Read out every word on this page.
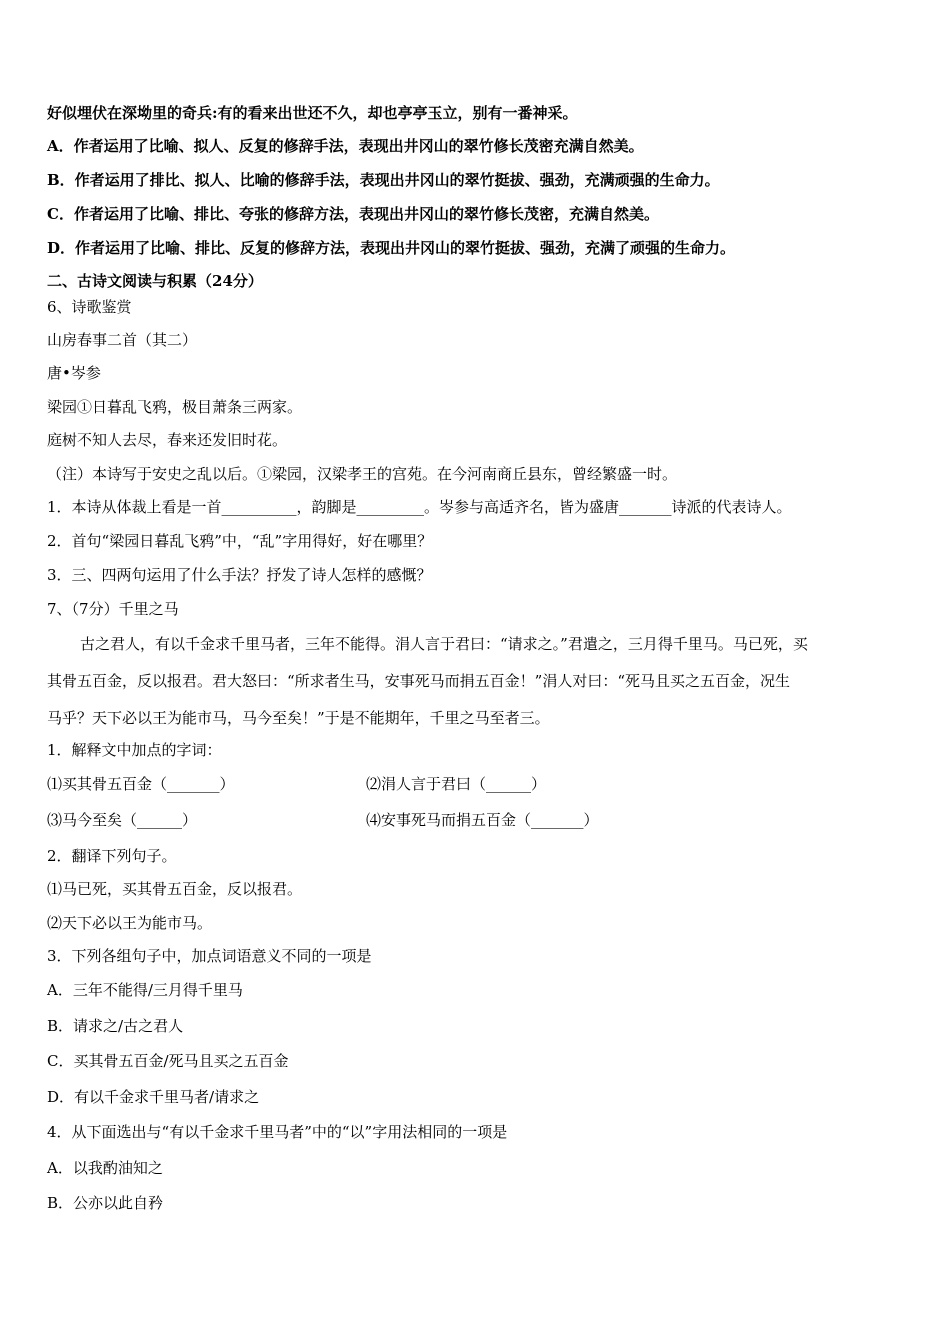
好似埋伏在深坳里的奇兵:有的看来出世还不久，却也亭亭玉立，别有一番神采。
A．作者运用了比喻、拟人、反复的修辞手法，表现出井冈山的翠竹修长茂密充满自然美。
B．作者运用了排比、拟人、比喻的修辞手法，表现出井冈山的翠竹挺拔、强劲，充满顽强的生命力。
C．作者运用了比喻、排比、夸张的修辞方法，表现出井冈山的翠竹修长茂密，充满自然美。
D．作者运用了比喻、排比、反复的修辞方法，表现出井冈山的翠竹挺拔、强劲，充满了顽强的生命力。
二、古诗文阅读与积累（24分）
6、诗歌鉴赏
山房春事二首（其二）
唐•岑参
梁园①日暮乱飞鸦，极目萧条三两家。
庭树不知人去尽，春来还发旧时花。
（注）本诗写于安史之乱以后。①梁园，汉梁孝王的宫苑。在今河南商丘县东，曾经繁盛一时。
1．本诗从体裁上看是一首__________，韵脚是_________。岑参与高适齐名，皆为盛唐_______诗派的代表诗人。
2．首句“梁园日暮乱飞鸦”中，“乱”字用得好，好在哪里？
3．三、四两句运用了什么手法？抒发了诗人怎样的感慨？
7、（7分）千里之马
古之君人，有以千金求千里马者，三年不能得。涓人言于君曰：“请求之。”君遣之，三月得千里马。马已死，买
其骨五百金，反以报君。君大怒曰：“所求者生马，安事死马而捐五百金！”涓人对曰：“死马且买之五百金，况生
马乎？天下必以王为能市马，马今至矣！”于是不能期年，千里之马至者三。
1．解释文中加点的字词：
⑴买其骨五百金（_______）	⑵涓人言于君曰（______）
⑶马今至矣（______）	⑷安事死马而捐五百金（_______）
2．翻译下列句子。
⑴马已死，买其骨五百金，反以报君。
⑵天下必以王为能市马。
3．下列各组句子中，加点词语意义不同的一项是
A．三年不能得/三月得千里马
B．请求之/古之君人
C．买其骨五百金/死马且买之五百金
D．有以千金求千里马者/请求之
4．从下面选出与“有以千金求千里马者”中的“以”字用法相同的一项是
A．以我酌油知之
B．公亦以此自矜
